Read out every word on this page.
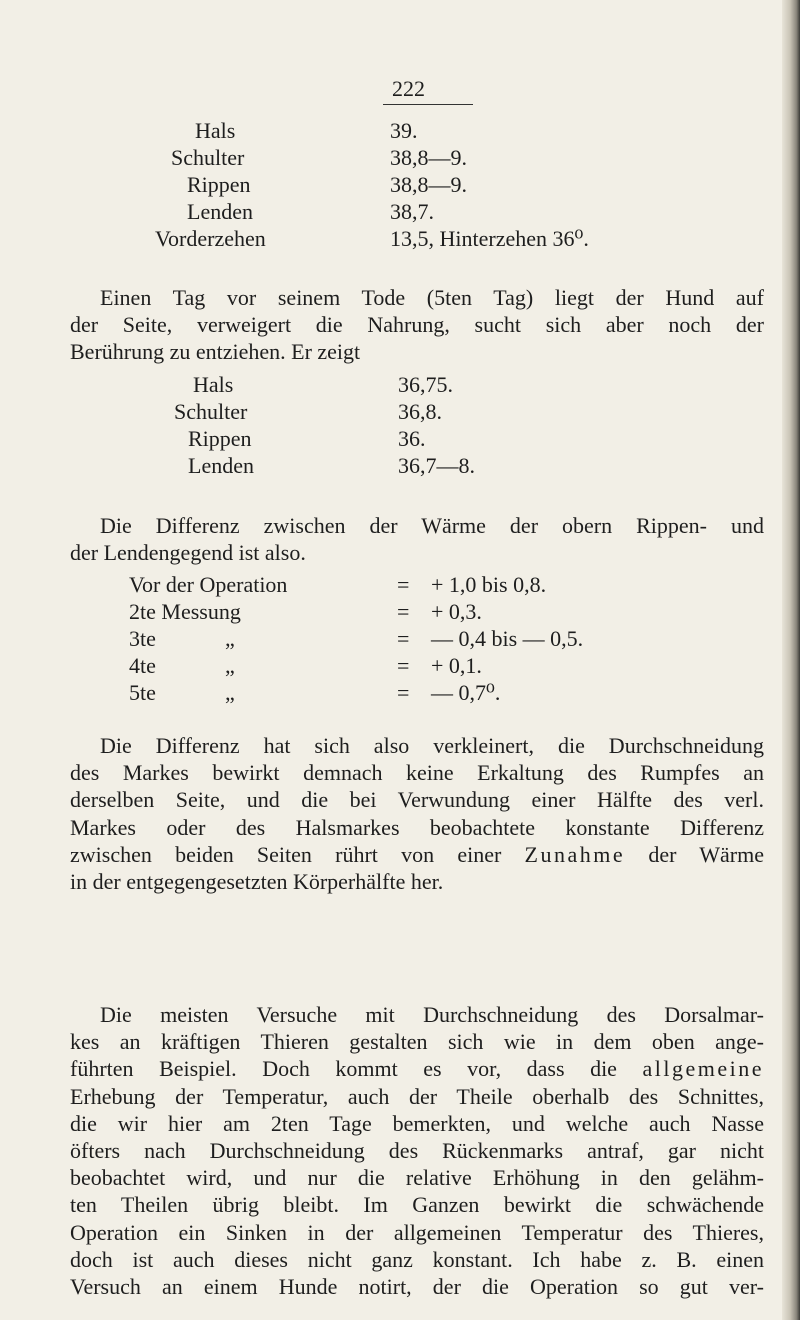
222
Hals	39.
Schulter	38,8—9.
Rippen	38,8—9.
Lenden	38,7.
Vorderzehen	13,5, Hinterzehen 36⁰.
Einen Tag vor seinem Tode (5ten Tag) liegt der Hund auf
der Seite, verweigert die Nahrung, sucht sich aber noch der
Berührung zu entziehen. Er zeigt
Hals	36,75.
Schulter	36,8.
Rippen	36.
Lenden	36,7—8.
Die Differenz zwischen der Wärme der obern Rippen- und
der Lendengegend ist also.
Vor der Operation	= + 1,0 bis 0,8.
2te Messung	= + 0,3.
3te	„	= — 0,4 bis — 0,5.
4te	„	= + 0,1.
5te	„	= — 0,7⁰.
Die Differenz hat sich also verkleinert, die Durchschneidung
des Markes bewirkt demnach keine Erkaltung des Rumpfes an
derselben Seite, und die bei Verwundung einer Hälfte des verl.
Markes oder des Halsmarkes beobachtete konstante Differenz
zwischen beiden Seiten rührt von einer Zunahme der Wärme
in der entgegengesetzten Körperhälfte her.
Die meisten Versuche mit Durchschneidung des Dorsalmar-
kes an kräftigen Thieren gestalten sich wie in dem oben ange-
führten Beispiel. Doch kommt es vor, dass die allgemeine
Erhebung der Temperatur, auch der Theile oberhalb des Schnittes,
die wir hier am 2ten Tage bemerkten, und welche auch Nasse
öfters nach Durchschneidung des Rückenmarks antraf, gar nicht
beobachtet wird, und nur die relative Erhöhung in den gelähm-
ten Theilen übrig bleibt. Im Ganzen bewirkt die schwächende
Operation ein Sinken in der allgemeinen Temperatur des Thieres,
doch ist auch dieses nicht ganz konstant. Ich habe z. B. einen
Versuch an einem Hunde notirt, der die Operation so gut ver-
